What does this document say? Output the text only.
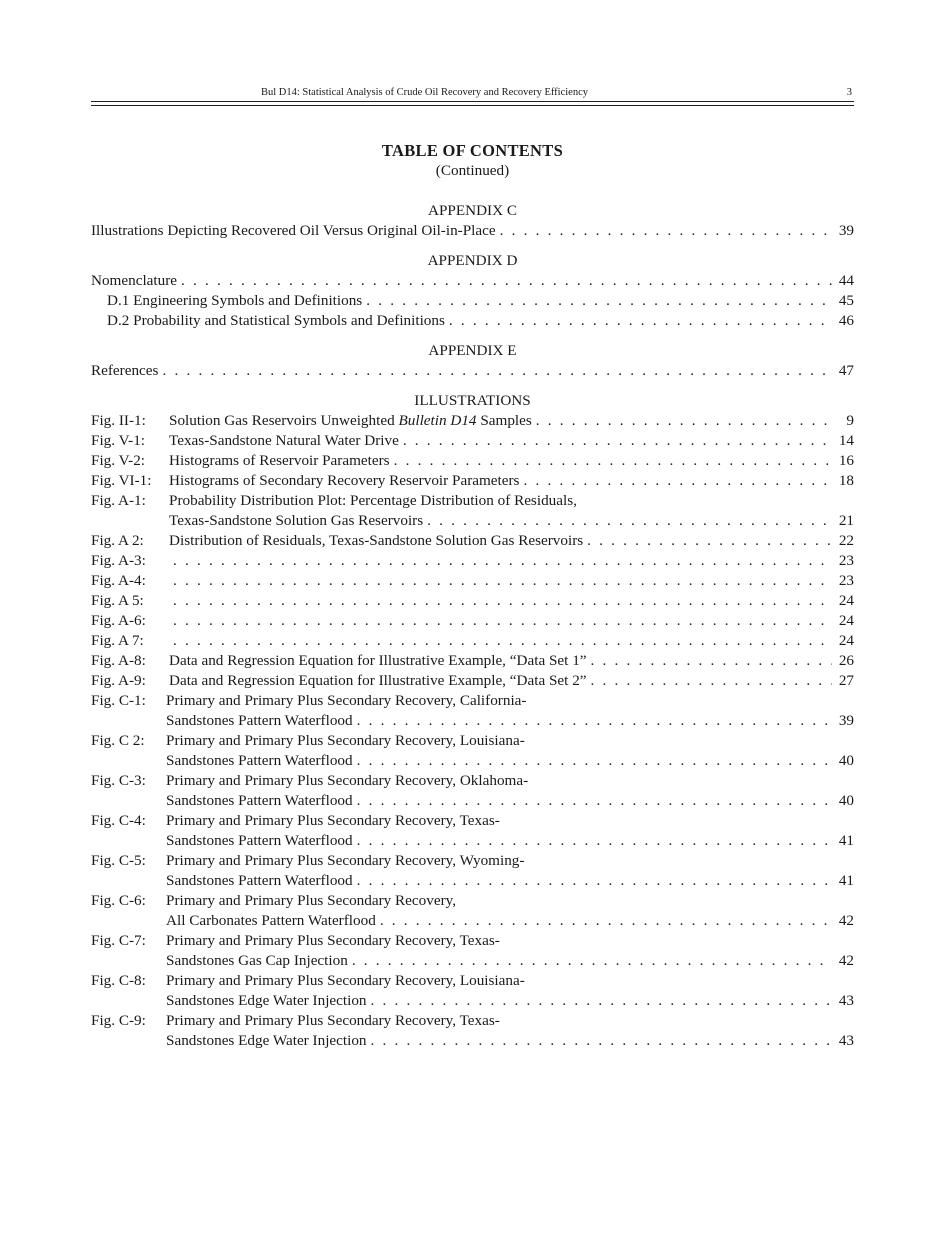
Bul D14: Statistical Analysis of Crude Oil Recovery and Recovery Efficiency	3
TABLE OF CONTENTS
(Continued)
APPENDIX C
Illustrations Depicting Recovered Oil Versus Original Oil-in-Place . . .	39
APPENDIX D
Nomenclature . . .	44
D.1 Engineering Symbols and Definitions . . .	45
D.2 Probability and Statistical Symbols and Definitions . . .	46
APPENDIX E
References . . .	47
ILLUSTRATIONS
Fig. II-1:	Solution Gas Reservoirs Unweighted Bulletin D14 Samples . . .	9
Fig. V-1:	Texas-Sandstone Natural Water Drive . . .	14
Fig. V-2:	Histograms of Reservoir Parameters . . .	16
Fig. VI-1:	Histograms of Secondary Recovery Reservoir Parameters . . .	18
Fig. A-1:	Probability Distribution Plot: Percentage Distribution of Residuals,
Texas-Sandstone Solution Gas Reservoirs . . .	21
Fig. A 2:	Distribution of Residuals, Texas-Sandstone Solution Gas Reservoirs . . .	22
Fig. A-3: . . .	23
Fig. A-4: . . .	23
Fig. A 5: . . .	24
Fig. A-6: . . .	24
Fig. A 7: . . .	24
Fig. A-8:	Data and Regression Equation for Illustrative Example, “Data Set 1” . . .	26
Fig. A-9:	Data and Regression Equation for Illustrative Example, “Data Set 2” . . .	27
Fig. C-1:	Primary and Primary Plus Secondary Recovery, California-
Sandstones Pattern Waterflood . . .	39
Fig. C 2:	Primary and Primary Plus Secondary Recovery, Louisiana-
Sandstones Pattern Waterflood . . .	40
Fig. C-3:	Primary and Primary Plus Secondary Recovery, Oklahoma-
Sandstones Pattern Waterflood . . .	40
Fig. C-4:	Primary and Primary Plus Secondary Recovery, Texas-
Sandstones Pattern Waterflood . . .	41
Fig. C-5:	Primary and Primary Plus Secondary Recovery, Wyoming-
Sandstones Pattern Waterflood . . .	41
Fig. C-6:	Primary and Primary Plus Secondary Recovery,
All Carbonates Pattern Waterflood . . .	42
Fig. C-7:	Primary and Primary Plus Secondary Recovery, Texas-
Sandstones Gas Cap Injection . . .	42
Fig. C-8:	Primary and Primary Plus Secondary Recovery, Louisiana-
Sandstones Edge Water Injection . . .	43
Fig. C-9:	Primary and Primary Plus Secondary Recovery, Texas-
Sandstones Edge Water Injection . . .	43
